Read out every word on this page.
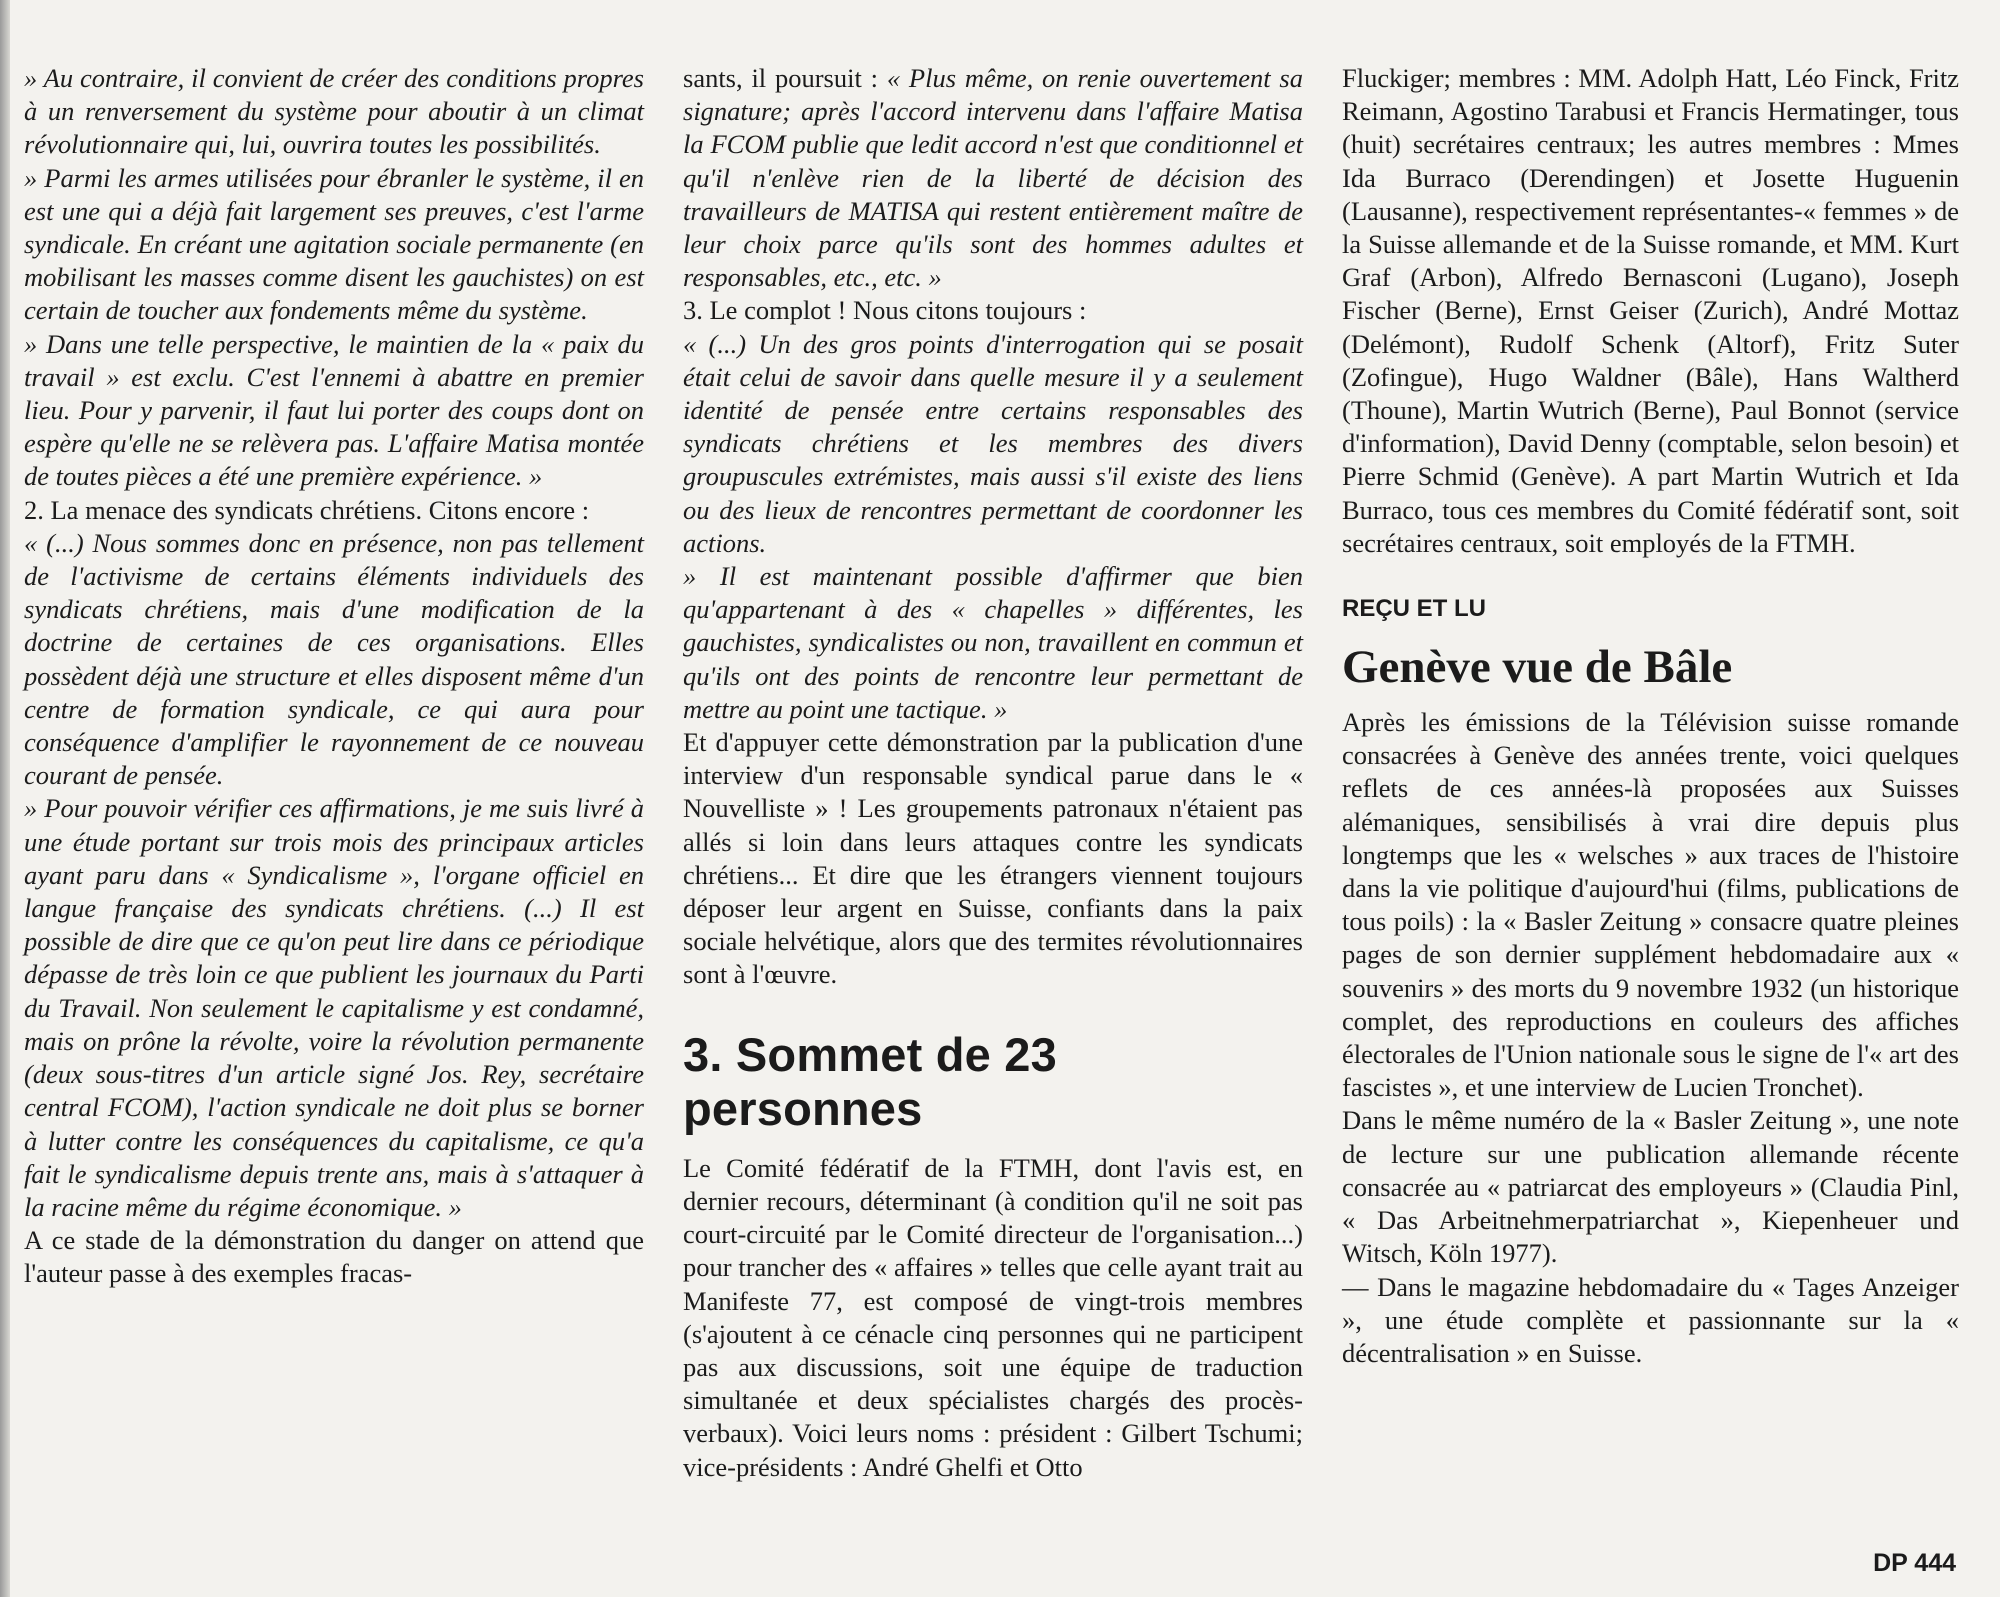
» Au contraire, il convient de créer des conditions propres à un renversement du système pour aboutir à un climat révolutionnaire qui, lui, ouvrira toutes les possibilités.

» Parmi les armes utilisées pour ébranler le système, il en est une qui a déjà fait largement ses preuves, c'est l'arme syndicale. En créant une agitation sociale permanente (en mobilisant les masses comme disent les gauchistes) on est certain de toucher aux fondements même du système.

» Dans une telle perspective, le maintien de la « paix du travail » est exclu. C'est l'ennemi à abattre en premier lieu. Pour y parvenir, il faut lui porter des coups dont on espère qu'elle ne se relèvera pas. L'affaire Matisa montée de toutes pièces a été une première expérience. »

2. La menace des syndicats chrétiens. Citons encore :

« (...) Nous sommes donc en présence, non pas tellement de l'activisme de certains éléments individuels des syndicats chrétiens, mais d'une modification de la doctrine de certaines de ces organisations. Elles possèdent déjà une structure et elles disposent même d'un centre de formation syndicale, ce qui aura pour conséquence d'amplifier le rayonnement de ce nouveau courant de pensée.

» Pour pouvoir vérifier ces affirmations, je me suis livré à une étude portant sur trois mois des principaux articles ayant paru dans « Syndicalisme », l'organe officiel en langue française des syndicats chrétiens. (...) Il est possible de dire que ce qu'on peut lire dans ce périodique dépasse de très loin ce que publient les journaux du Parti du Travail. Non seulement le capitalisme y est condamné, mais on prône la révolte, voire la révolution permanente (deux sous-titres d'un article signé Jos. Rey, secrétaire central FCOM), l'action syndicale ne doit plus se borner à lutter contre les conséquences du capitalisme, ce qu'a fait le syndicalisme depuis trente ans, mais à s'attaquer à la racine même du régime économique. »

A ce stade de la démonstration du danger on attend que l'auteur passe à des exemples fracas-

sants, il poursuit : « Plus même, on renie ouvertement sa signature; après l'accord intervenu dans l'affaire Matisa la FCOM publie que ledit accord n'est que conditionnel et qu'il n'enlève rien de la liberté de décision des travailleurs de MATISA qui restent entièrement maître de leur choix parce qu'ils sont des hommes adultes et responsables, etc., etc. »

3. Le complot ! Nous citons toujours :

« (...) Un des gros points d'interrogation qui se posait était celui de savoir dans quelle mesure il y a seulement identité de pensée entre certains responsables des syndicats chrétiens et les membres des divers groupuscules extrémistes, mais aussi s'il existe des liens ou des lieux de rencontres permettant de coordonner les actions.

» Il est maintenant possible d'affirmer que bien qu'appartenant à des « chapelles » différentes, les gauchistes, syndicalistes ou non, travaillent en commun et qu'ils ont des points de rencontre leur permettant de mettre au point une tactique. »

Et d'appuyer cette démonstration par la publication d'une interview d'un responsable syndical parue dans le « Nouvelliste » ! Les groupements patronaux n'étaient pas allés si loin dans leurs attaques contre les syndicats chrétiens... Et dire que les étrangers viennent toujours déposer leur argent en Suisse, confiants dans la paix sociale helvétique, alors que des termites révolutionnaires sont à l'œuvre.

3. Sommet de 23 personnes

Le Comité fédératif de la FTMH, dont l'avis est, en dernier recours, déterminant (à condition qu'il ne soit pas court-circuité par le Comité directeur de l'organisation...) pour trancher des « affaires » telles que celle ayant trait au Manifeste 77, est composé de vingt-trois membres (s'ajoutent à ce cénacle cinq personnes qui ne participent pas aux discussions, soit une équipe de traduction simultanée et deux spécialistes chargés des procès-verbaux). Voici leurs noms : président : Gilbert Tschumi; vice-présidents : André Ghelfi et Otto

Fluckiger; membres : MM. Adolph Hatt, Léo Finck, Fritz Reimann, Agostino Tarabusi et Francis Hermatinger, tous (huit) secrétaires centraux; les autres membres : Mmes Ida Burraco (Derendingen) et Josette Huguenin (Lausanne), respectivement représentantes-« femmes » de la Suisse allemande et de la Suisse romande, et MM. Kurt Graf (Arbon), Alfredo Bernasconi (Lugano), Joseph Fischer (Berne), Ernst Geiser (Zurich), André Mottaz (Delémont), Rudolf Schenk (Altorf), Fritz Suter (Zofingue), Hugo Waldner (Bâle), Hans Waltherd (Thoune), Martin Wutrich (Berne), Paul Bonnot (service d'information), David Denny (comptable, selon besoin) et Pierre Schmid (Genève). A part Martin Wutrich et Ida Burraco, tous ces membres du Comité fédératif sont, soit secrétaires centraux, soit employés de la FTMH.

REÇU ET LU
Genève vue de Bâle

Après les émissions de la Télévision suisse romande consacrées à Genève des années trente, voici quelques reflets de ces années-là proposées aux Suisses alémaniques, sensibilisés à vrai dire depuis plus longtemps que les « welsches » aux traces de l'histoire dans la vie politique d'aujourd'hui (films, publications de tous poils) : la « Basler Zeitung » consacre quatre pleines pages de son dernier supplément hebdomadaire aux « souvenirs » des morts du 9 novembre 1932 (un historique complet, des reproductions en couleurs des affiches électorales de l'Union nationale sous le signe de l'« art des fascistes », et une interview de Lucien Tronchet).

Dans le même numéro de la « Basler Zeitung », une note de lecture sur une publication allemande récente consacrée au « patriarcat des employeurs » (Claudia Pinl, « Das Arbeitnehmerpatriarchat », Kiepenheuer und Witsch, Köln 1977).

— Dans le magazine hebdomadaire du « Tages Anzeiger », une étude complète et passionnante sur la « décentralisation » en Suisse.

DP 444
